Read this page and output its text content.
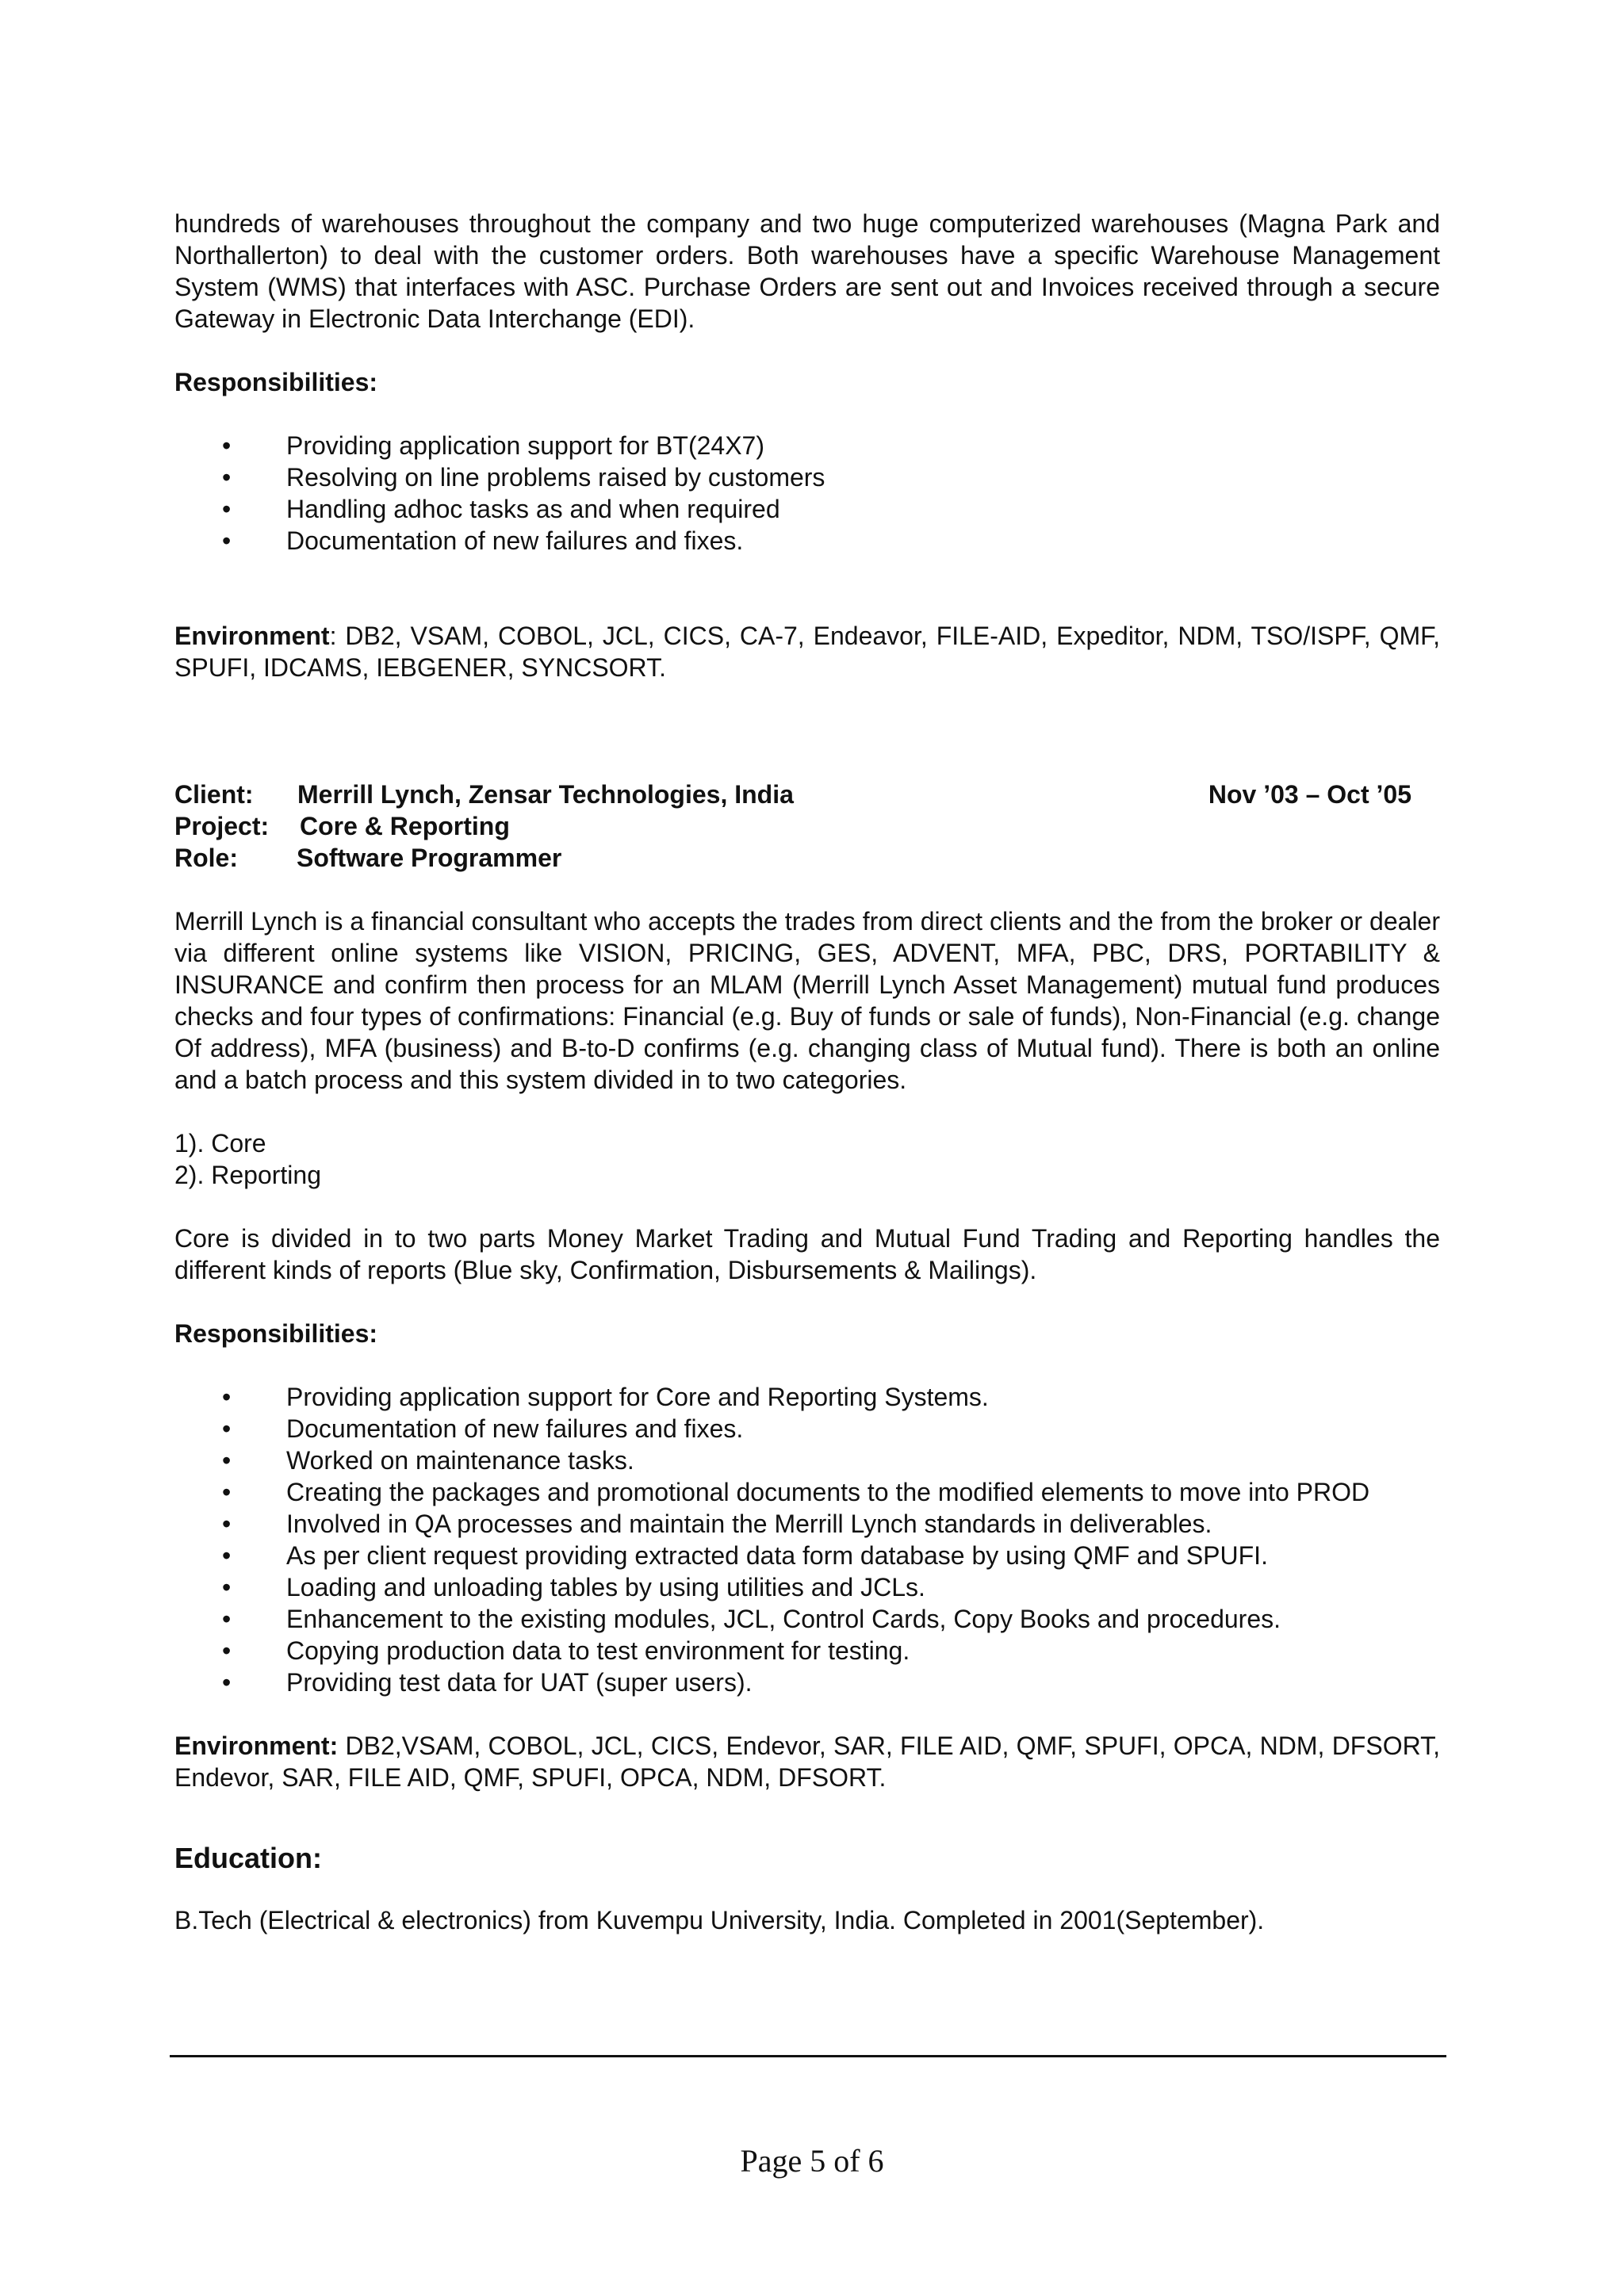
hundreds of warehouses throughout the company and two huge computerized warehouses (Magna Park and Northallerton) to deal with the customer orders. Both warehouses have a specific Warehouse Management System (WMS) that interfaces with ASC. Purchase Orders are sent out and Invoices received through a secure Gateway in Electronic Data Interchange (EDI).

Responsibilities:

• Providing application support for BT(24X7)
• Resolving on line problems raised by customers
• Handling adhoc tasks as and when required
• Documentation of new failures and fixes.

Environment: DB2, VSAM, COBOL, JCL, CICS, CA-7, Endeavor, FILE-AID, Expeditor, NDM, TSO/ISPF, QMF, SPUFI, IDCAMS, IEBGENER, SYNCSORT.

Client: Merrill Lynch, Zensar Technologies, India	Nov ’03 – Oct ’05
Project: Core & Reporting
Role: Software Programmer

Merrill Lynch is a financial consultant who accepts the trades from direct clients and the from the broker or dealer via different online systems like VISION, PRICING, GES, ADVENT, MFA, PBC, DRS, PORTABILITY & INSURANCE and confirm then process for an MLAM (Merrill Lynch Asset Management) mutual fund produces checks and four types of confirmations: Financial (e.g. Buy of funds or sale of funds), Non-Financial (e.g. change Of address), MFA (business) and B-to-D confirms (e.g. changing class of Mutual fund). There is both an online and a batch process and this system divided in to two categories.

1). Core

2). Reporting

Core is divided in to two parts Money Market Trading and Mutual Fund Trading and Reporting handles the different kinds of reports (Blue sky, Confirmation, Disbursements & Mailings).

Responsibilities:

• Providing application support for Core and Reporting Systems.
• Documentation of new failures and fixes.
• Worked on maintenance tasks.
• Creating the packages and promotional documents to the modified elements to move into PROD
• Involved in QA processes and maintain the Merrill Lynch standards in deliverables.
• As per client request providing extracted data form database by using QMF and SPUFI.
• Loading and unloading tables by using utilities and JCLs.
• Enhancement to the existing modules, JCL, Control Cards, Copy Books and procedures.
• Copying production data to test environment for testing.
• Providing test data for UAT (super users).

Environment: DB2,VSAM, COBOL, JCL, CICS, Endevor, SAR, FILE AID, QMF, SPUFI, OPCA, NDM, DFSORT, Endevor, SAR, FILE AID, QMF, SPUFI, OPCA, NDM, DFSORT.

Education:

B.Tech (Electrical & electronics) from Kuvempu University, India. Completed in 2001(September).

Page 5 of 6
